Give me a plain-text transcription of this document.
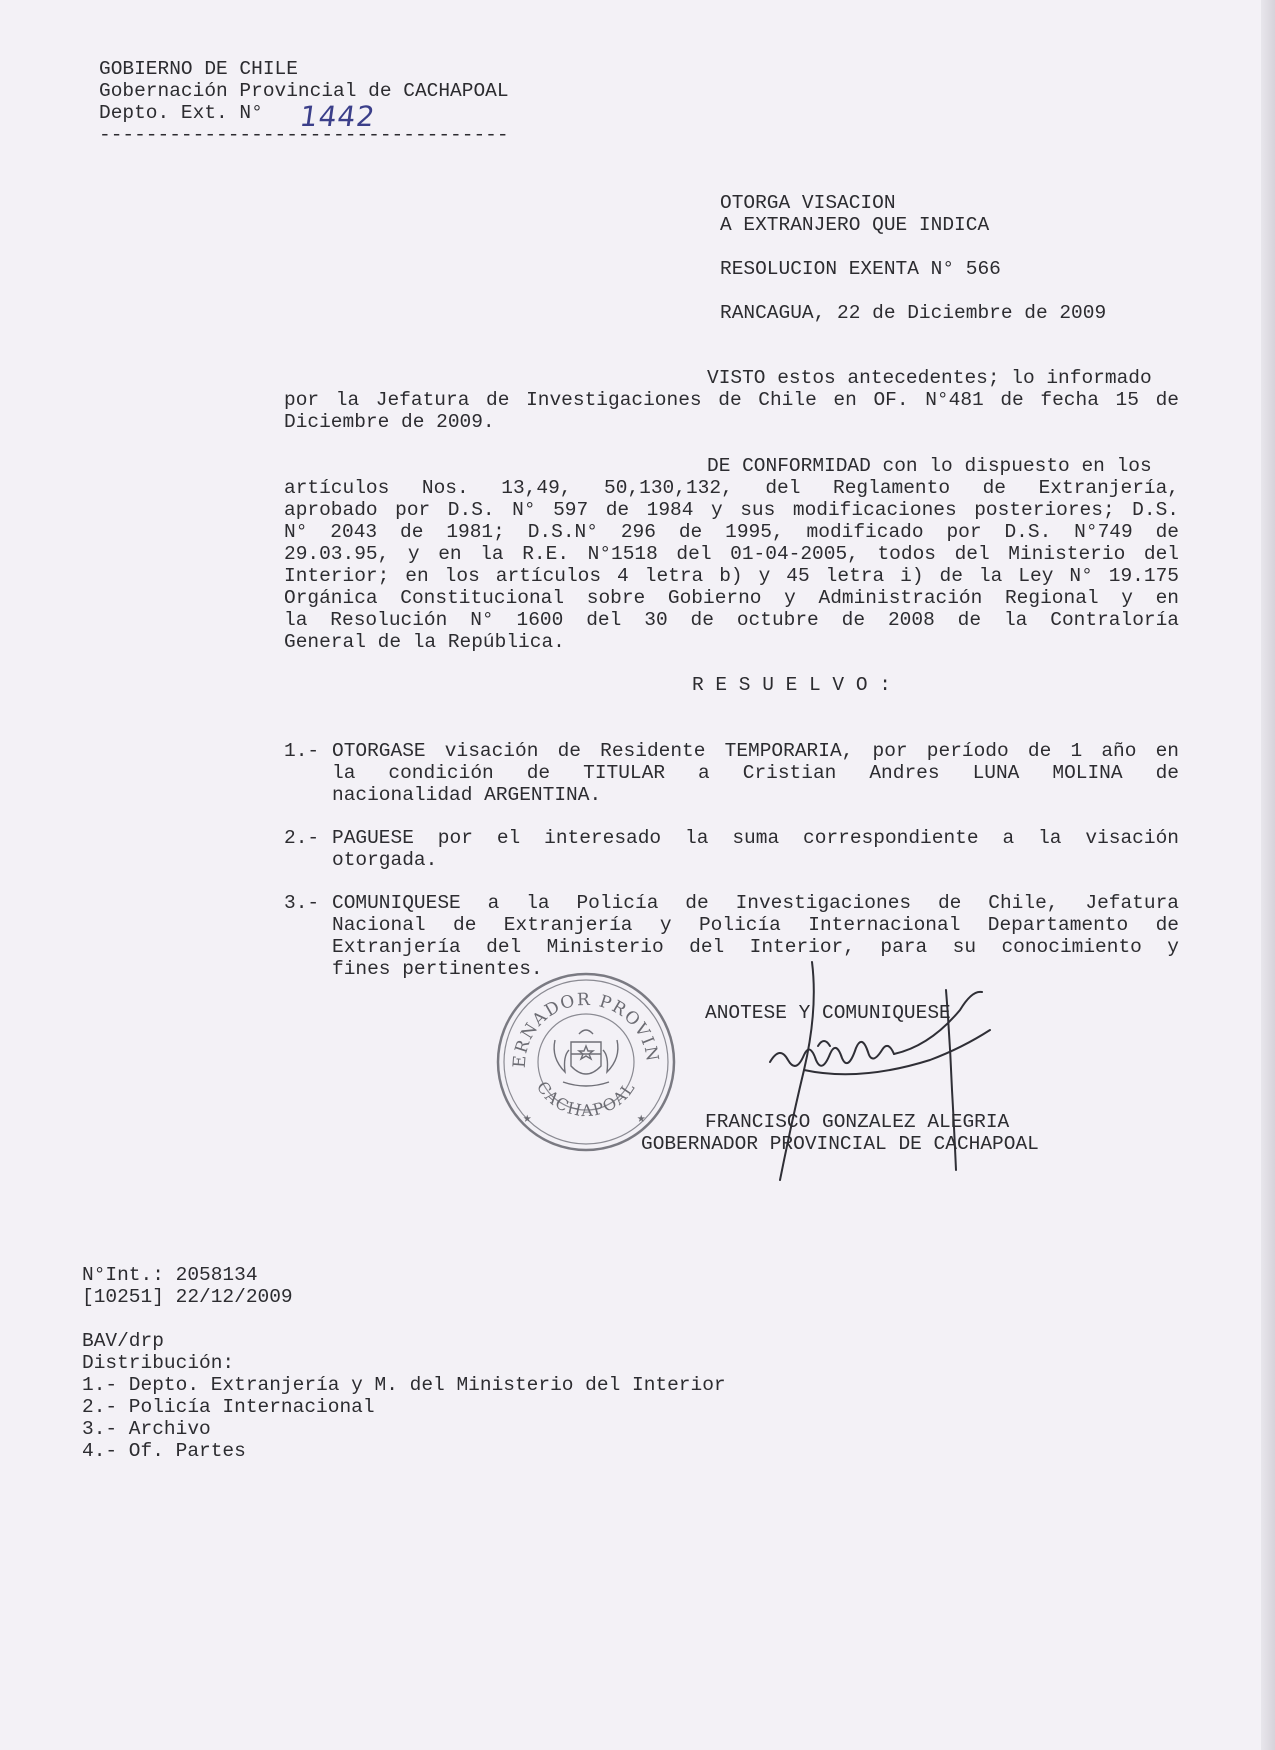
GOBIERNO DE CHILE
Gobernación Provincial de CACHAPOAL
Depto. Ext. N° 1442
-----------------------------------
OTORGA VISACION
A EXTRANJERO QUE INDICA
RESOLUCION EXENTA N° 566
RANCAGUA, 22 de Diciembre de 2009
VISTO estos antecedentes; lo informado
por la Jefatura de Investigaciones de Chile en OF. N°481 de fecha 15 de
Diciembre de 2009.
DE CONFORMIDAD con lo dispuesto en los
artículos Nos. 13,49, 50,130,132, del Reglamento de Extranjería,
aprobado por D.S. N° 597 de 1984 y sus modificaciones posteriores; D.S.
N° 2043 de 1981; D.S.N° 296 de 1995, modificado por D.S. N°749 de
29.03.95, y en la R.E. N°1518 del 01-04-2005, todos del Ministerio del
Interior; en los artículos 4 letra b) y 45 letra i) de la Ley N° 19.175
Orgánica Constitucional sobre Gobierno y Administración Regional y en
la Resolución N° 1600 del 30 de octubre de 2008 de la Contraloría
General de la República.
R E S U E L V O :
1.- OTORGASE visación de Residente TEMPORARIA, por período de 1 año en
la condición de TITULAR a Cristian Andres LUNA MOLINA de
nacionalidad ARGENTINA.
2.- PAGUESE por el interesado la suma correspondiente a la visación
otorgada.
3.- COMUNIQUESE a la Policía de Investigaciones de Chile, Jefatura
Nacional de Extranjería y Policía Internacional Departamento de
Extranjería del Ministerio del Interior, para su conocimiento y
fines pertinentes.
ERNADOR PROVIN
CACHAPOAL
★	★
ANOTESE Y COMUNIQUESE
FRANCISCO GONZALEZ ALEGRIA
GOBERNADOR PROVINCIAL DE CACHAPOAL
N°Int.: 2058134
[10251] 22/12/2009
BAV/drp
Distribución:
1.- Depto. Extranjería y M. del Ministerio del Interior
2.- Policía Internacional
3.- Archivo
4.- Of. Partes
